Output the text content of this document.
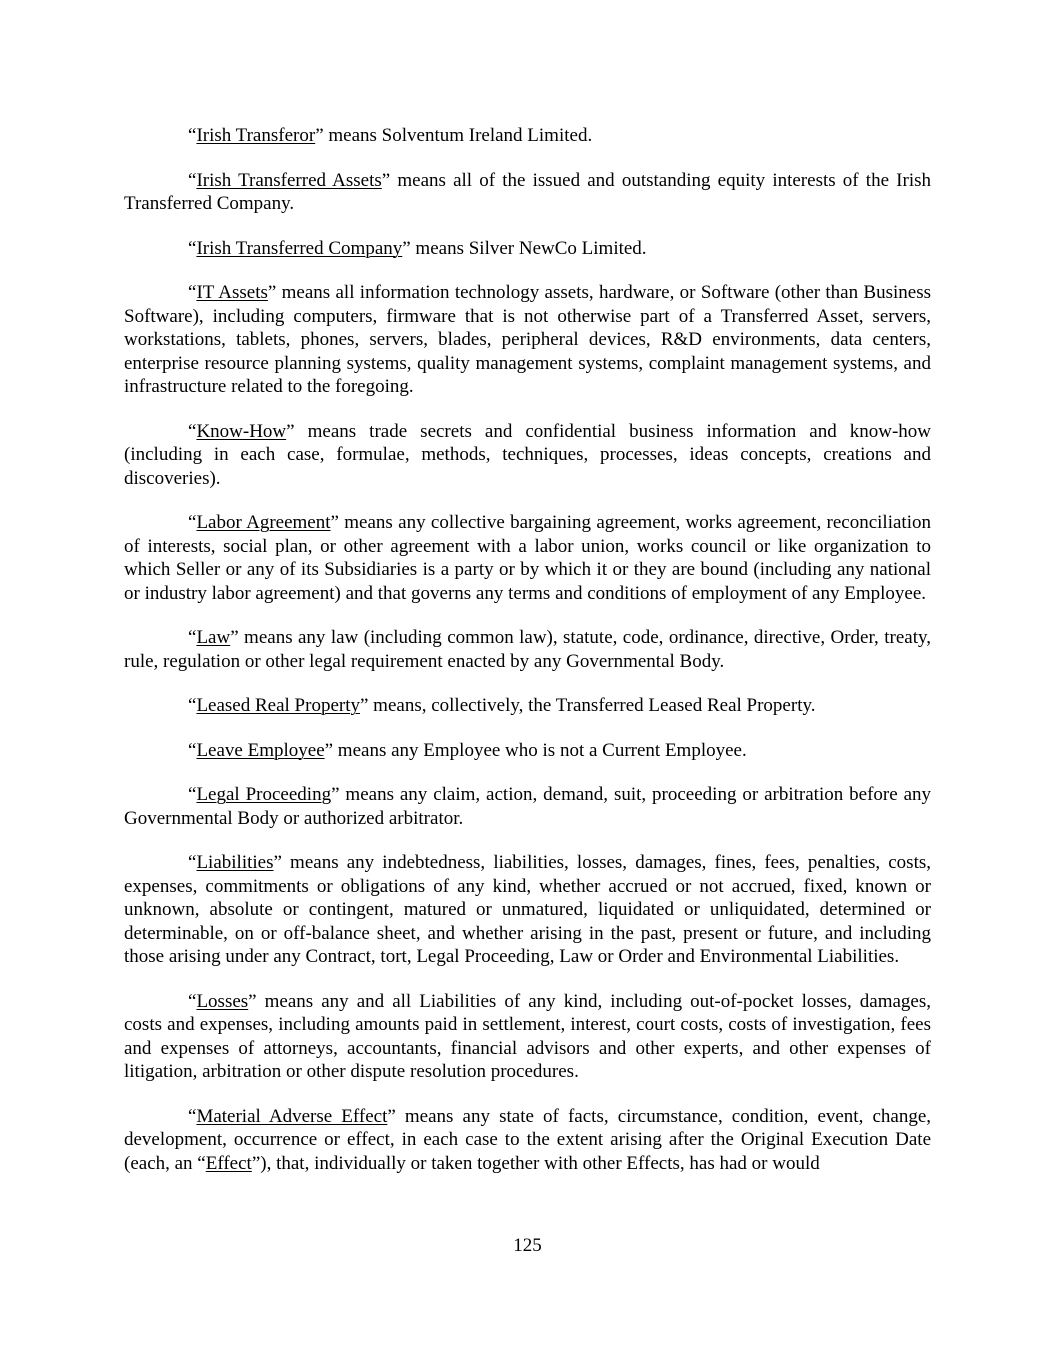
“Irish Transferor” means Solventum Ireland Limited.

“Irish Transferred Assets” means all of the issued and outstanding equity interests of the Irish Transferred Company.

“Irish Transferred Company” means Silver NewCo Limited.

“IT Assets” means all information technology assets, hardware, or Software (other than Business Software), including computers, firmware that is not otherwise part of a Transferred Asset, servers, workstations, tablets, phones, servers, blades, peripheral devices, R&D environments, data centers, enterprise resource planning systems, quality management systems, complaint management systems, and infrastructure related to the foregoing.

“Know-How” means trade secrets and confidential business information and know-how (including in each case, formulae, methods, techniques, processes, ideas concepts, creations and discoveries).

“Labor Agreement” means any collective bargaining agreement, works agreement, reconciliation of interests, social plan, or other agreement with a labor union, works council or like organization to which Seller or any of its Subsidiaries is a party or by which it or they are bound (including any national or industry labor agreement) and that governs any terms and conditions of employment of any Employee.

“Law” means any law (including common law), statute, code, ordinance, directive, Order, treaty, rule, regulation or other legal requirement enacted by any Governmental Body.

“Leased Real Property” means, collectively, the Transferred Leased Real Property.

“Leave Employee” means any Employee who is not a Current Employee.

“Legal Proceeding” means any claim, action, demand, suit, proceeding or arbitration before any Governmental Body or authorized arbitrator.

“Liabilities” means any indebtedness, liabilities, losses, damages, fines, fees, penalties, costs, expenses, commitments or obligations of any kind, whether accrued or not accrued, fixed, known or unknown, absolute or contingent, matured or unmatured, liquidated or unliquidated, determined or determinable, on or off-balance sheet, and whether arising in the past, present or future, and including those arising under any Contract, tort, Legal Proceeding, Law or Order and Environmental Liabilities.

“Losses” means any and all Liabilities of any kind, including out-of-pocket losses, damages, costs and expenses, including amounts paid in settlement, interest, court costs, costs of investigation, fees and expenses of attorneys, accountants, financial advisors and other experts, and other expenses of litigation, arbitration or other dispute resolution procedures.

“Material Adverse Effect” means any state of facts, circumstance, condition, event, change, development, occurrence or effect, in each case to the extent arising after the Original Execution Date (each, an “Effect”), that, individually or taken together with other Effects, has had or would

125
